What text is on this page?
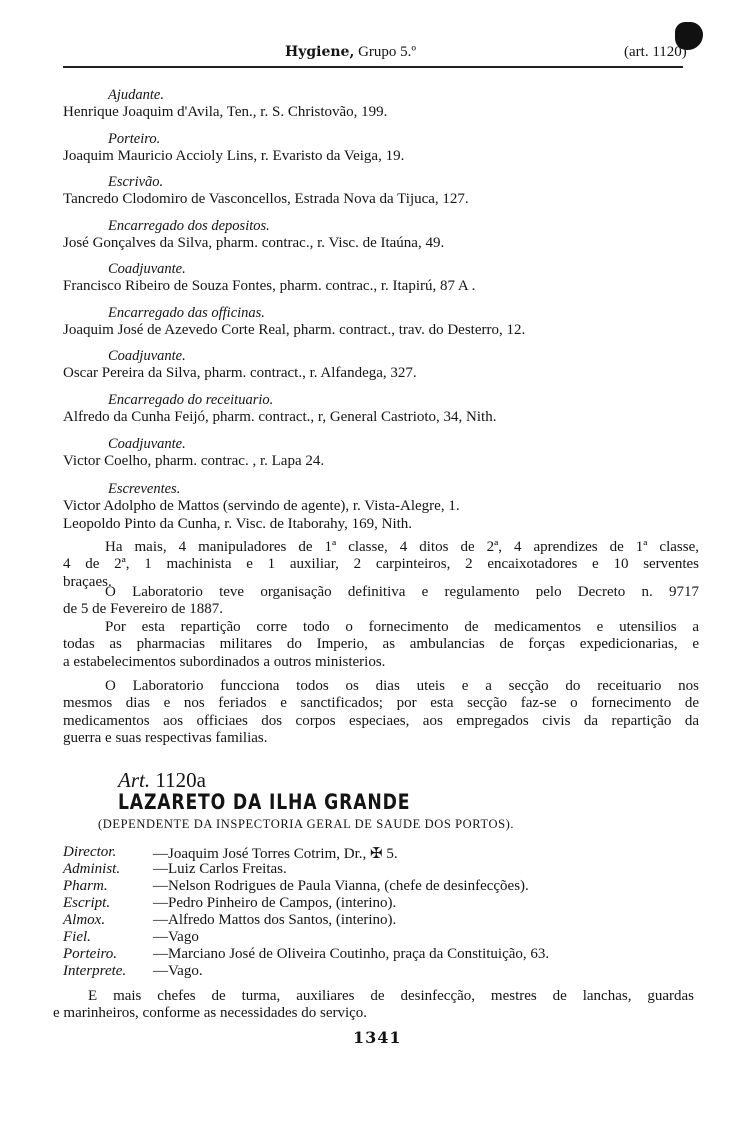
Hygiene, Grupo 5.º	(art. 1120)
Ajudante.
Henrique Joaquim d'Avila, Ten., r. S. Christovão, 199.
Porteiro.
Joaquim Mauricio Accioly Lins, r. Evaristo da Veiga, 19.
Escrivão.
Tancredo Clodomiro de Vasconcellos, Estrada Nova da Tijuca, 127.
Encarregado dos depositos.
José Gonçalves da Silva, pharm. contrac., r. Visc. de Itaúna, 49.
Coadjuvante.
Francisco Ribeiro de Souza Fontes, pharm. contrac., r. Itapirú, 87 A .
Encarregado das officinas.
Joaquim José de Azevedo Corte Real, pharm. contract., trav. do Desterro, 12.
Coadjuvante.
Oscar Pereira da Silva, pharm. contract., r. Alfandega, 327.
Encarregado do receituario.
Alfredo da Cunha Feijó, pharm. contract., r, General Castrioto, 34, Nith.
Coadjuvante.
Victor Coelho, pharm. contrac. , r. Lapa 24.
Escreventes.
Victor Adolpho de Mattos (servindo de agente), r. Vista-Alegre, 1.
Leopoldo Pinto da Cunha, r. Visc. de Itaborahy, 169, Nith.
Ha mais, 4 manipuladores de 1ª classe, 4 ditos de 2ª, 4 aprendizes de 1ª classe,
4 de 2ª, 1 machinista e 1 auxiliar, 2 carpinteiros, 2 encaixotadores e 10 serventes
braçaes.
O Laboratorio teve organisação definitiva e regulamento pelo Decreto n. 9717
de 5 de Fevereiro de 1887.
Por esta repartição corre todo o fornecimento de medicamentos e utensilios a
todas as pharmacias militares do Imperio, as ambulancias de forças expedicionarias, e
a estabelecimentos subordinados a outros ministerios.
O Laboratorio funcciona todos os dias uteis e a secção do receituario nos
mesmos dias e nos feriados e sanctificados; por esta secção faz-se o fornecimento de
medicamentos aos officiaes dos corpos especiaes, aos empregados civis da repartição da
guerra e suas respectivas familias.
Art. 1120a
LAZARETO DA ILHA GRANDE
(DEPENDENTE DA INSPECTORIA GERAL DE SAUDE DOS PORTOS).
Director. —Joaquim José Torres Cotrim, Dr., ✠ 5.
Administ. —Luiz Carlos Freitas.
Pharm.	—Nelson Rodrigues de Paula Vianna, (chefe de desinfecções).
Escript.	—Pedro Pinheiro de Campos, (interino).
Almox.	—Alfredo Mattos dos Santos, (interino).
Fiel.	—Vago
Porteiro. —Marciano José de Oliveira Coutinho, praça da Constituição, 63.
Interprete. —Vago.
E mais chefes de turma, auxiliares de desinfecção, mestres de lanchas, guardas
e marinheiros, conforme as necessidades do serviço.
1341
